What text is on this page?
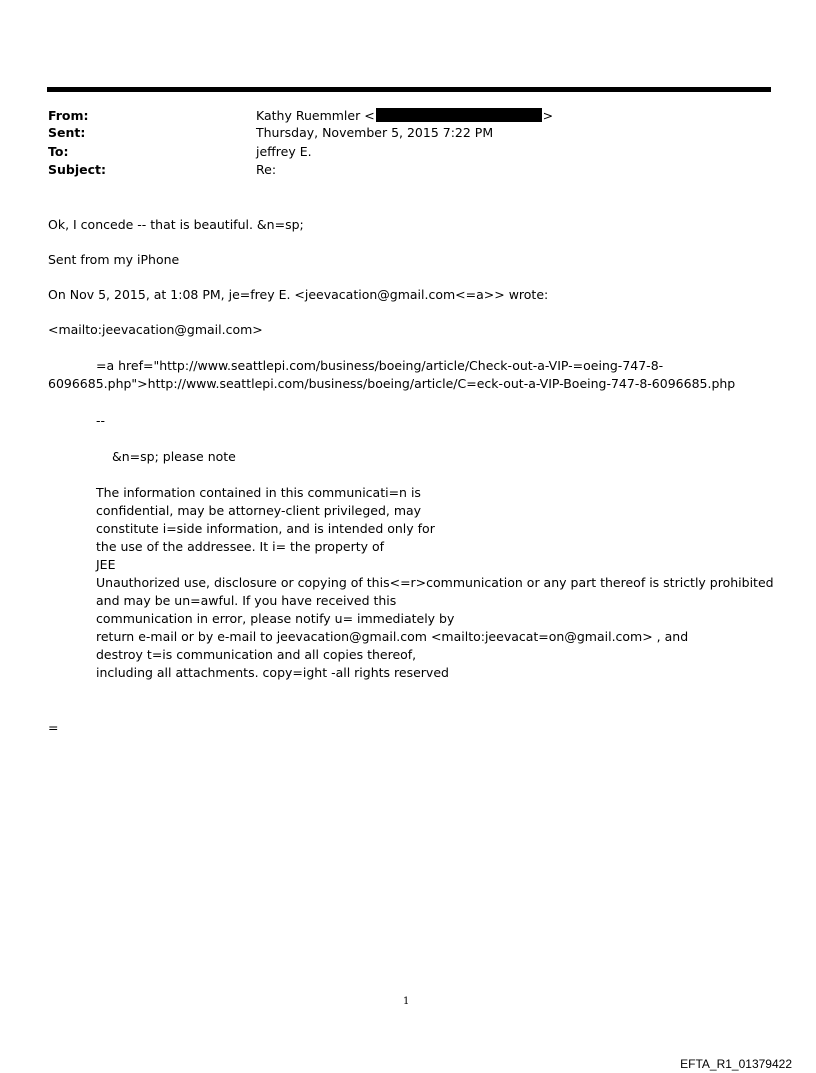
From:	Kathy Ruemmler <	>
Sent:	Thursday, November 5, 2015 7:22 PM
To:	jeffrey E.
Subject:	Re:
Ok, I concede -- that is beautiful. &n=sp;
Sent from my iPhone
On Nov 5, 2015, at 1:08 PM, je=frey E. <jeevacation@gmail.com<=a>> wrote:
<mailto:jeevacation@gmail.com>
=a href="http://www.seattlepi.com/business/boeing/article/Check-out-a-VIP-=oeing-747-8-
6096685.php">http://www.seattlepi.com/business/boeing/article/C=eck-out-a-VIP-Boeing-747-8-6096685.php
--
&n=sp; please note
The information contained in this communicati=n is
confidential, may be attorney-client privileged, may
constitute i=side information, and is intended only for
the use of the addressee. It i= the property of
JEE
Unauthorized use, disclosure or copying of this<=r>communication or any part thereof is strictly prohibited
and may be un=awful. If you have received this
communication in error, please notify u= immediately by
return e-mail or by e-mail to jeevacation@gmail.com <mailto:jeevacat=on@gmail.com> , and
destroy t=is communication and all copies thereof,
including all attachments. copy=ight -all rights reserved
=
1
EFTA_R1_01379422
